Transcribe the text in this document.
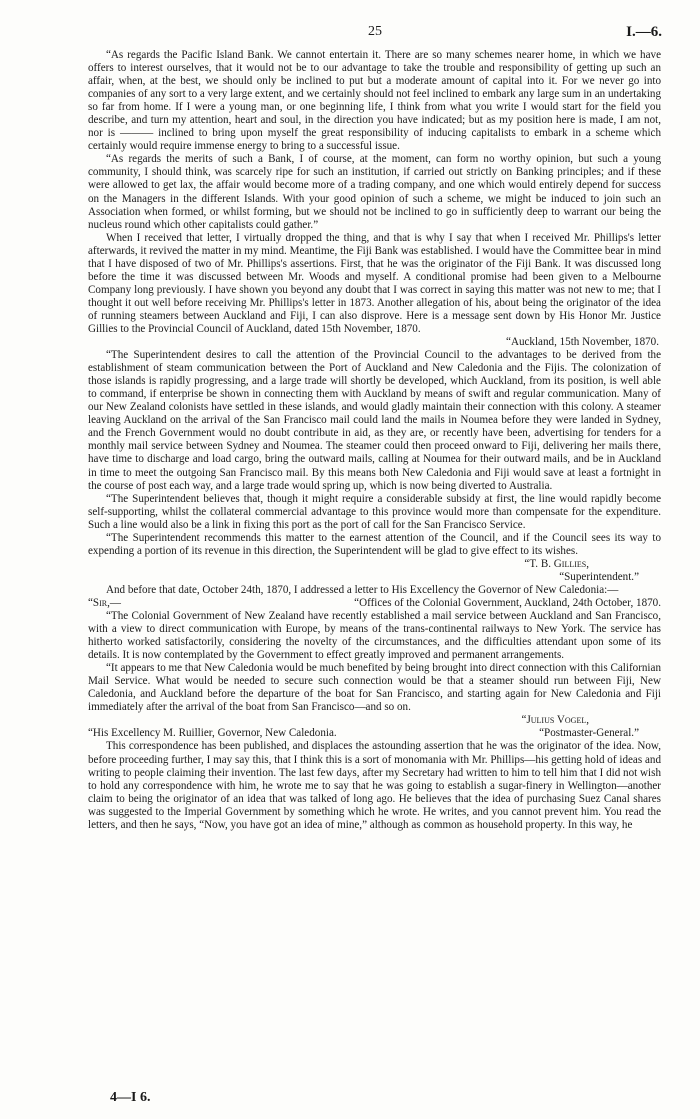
25	I.—6.

“As regards the Pacific Island Bank. We cannot entertain it. There are so many schemes nearer home, in which we have offers to interest ourselves, that it would not be to our advantage to take the trouble and responsibility of getting up such an affair, when, at the best, we should only be inclined to put but a moderate amount of capital into it. For we never go into companies of any sort to a very large extent, and we certainly should not feel inclined to embark any large sum in an undertaking so far from home. If I were a young man, or one beginning life, I think from what you write I would start for the field you describe, and turn my attention, heart and soul, in the direction you have indicated; but as my position here is made, I am not, nor is ——— inclined to bring upon myself the great responsibility of inducing capitalists to embark in a scheme which certainly would require immense energy to bring to a successful issue.

“As regards the merits of such a Bank, I of course, at the moment, can form no worthy opinion, but such a young community, I should think, was scarcely ripe for such an institution, if carried out strictly on Banking principles; and if these were allowed to get lax, the affair would become more of a trading company, and one which would entirely depend for success on the Managers in the different Islands. With your good opinion of such a scheme, we might be induced to join such an Association when formed, or whilst forming, but we should not be inclined to go in sufficiently deep to warrant our being the nucleus round which other capitalists could gather.”

When I received that letter, I virtually dropped the thing, and that is why I say that when I received Mr. Phillips's letter afterwards, it revived the matter in my mind. Meantime, the Fiji Bank was established. I would have the Committee bear in mind that I have disposed of two of Mr. Phillips's assertions. First, that he was the originator of the Fiji Bank. It was discussed long before the time it was discussed between Mr. Woods and myself. A conditional promise had been given to a Melbourne Company long previously. I have shown you beyond any doubt that I was correct in saying this matter was not new to me; that I thought it out well before receiving Mr. Phillips's letter in 1873. Another allegation of his, about being the originator of the idea of running steamers between Auckland and Fiji, I can also disprove. Here is a message sent down by His Honor Mr. Justice Gillies to the Provincial Council of Auckland, dated 15th November, 1870.

“Auckland, 15th November, 1870.

“The Superintendent desires to call the attention of the Provincial Council to the advantages to be derived from the establishment of steam communication between the Port of Auckland and New Caledonia and the Fijis. The colonization of those islands is rapidly progressing, and a large trade will shortly be developed, which Auckland, from its position, is well able to command, if enterprise be shown in connecting them with Auckland by means of swift and regular communication. Many of our New Zealand colonists have settled in these islands, and would gladly maintain their connection with this colony. A steamer leaving Auckland on the arrival of the San Francisco mail could land the mails in Noumea before they were landed in Sydney, and the French Government would no doubt contribute in aid, as they are, or recently have been, advertising for tenders for a monthly mail service between Sydney and Noumea. The steamer could then proceed onward to Fiji, delivering her mails there, have time to discharge and load cargo, bring the outward mails, calling at Noumea for their outward mails, and be in Auckland in time to meet the outgoing San Francisco mail. By this means both New Caledonia and Fiji would save at least a fortnight in the course of post each way, and a large trade would spring up, which is now being diverted to Australia.

“The Superintendent believes that, though it might require a considerable subsidy at first, the line would rapidly become self-supporting, whilst the collateral commercial advantage to this province would more than compensate for the expenditure. Such a line would also be a link in fixing this port as the port of call for the San Francisco Service.

“The Superintendent recommends this matter to the earnest attention of the Council, and if the Council sees its way to expending a portion of its revenue in this direction, the Superintendent will be glad to give effect to its wishes.

“T. B. Gillies,

“Superintendent.”

And before that date, October 24th, 1870, I addressed a letter to His Excellency the Governor of New Caledonia:—

“Sir,—	“Offices of the Colonial Government, Auckland, 24th October, 1870.

“The Colonial Government of New Zealand have recently established a mail service between Auckland and San Francisco, with a view to direct communication with Europe, by means of the trans-continental railways to New York. The service has hitherto worked satisfactorily, considering the novelty of the circumstances, and the difficulties attendant upon some of its details. It is now contemplated by the Government to effect greatly improved and permanent arrangements.

“It appears to me that New Caledonia would be much benefited by being brought into direct connection with this Californian Mail Service. What would be needed to secure such connection would be that a steamer should run between Fiji, New Caledonia, and Auckland before the departure of the boat for San Francisco, and starting again for New Caledonia and Fiji immediately after the arrival of the boat from San Francisco—and so on.

“Julius Vogel,

“His Excellency M. Ruillier, Governor, New Caledonia.	“Postmaster-General.”

This correspondence has been published, and displaces the astounding assertion that he was the originator of the idea. Now, before proceeding further, I may say this, that I think this is a sort of monomania with Mr. Phillips—his getting hold of ideas and writing to people claiming their invention. The last few days, after my Secretary had written to him to tell him that I did not wish to hold any correspondence with him, he wrote me to say that he was going to establish a sugar-finery in Wellington—another claim to being the originator of an idea that was talked of long ago. He believes that the idea of purchasing Suez Canal shares was suggested to the Imperial Government by something which he wrote. He writes, and you cannot prevent him. You read the letters, and then he says, “Now, you have got an idea of mine,” although as common as household property. In this way, he

4—I 6.
